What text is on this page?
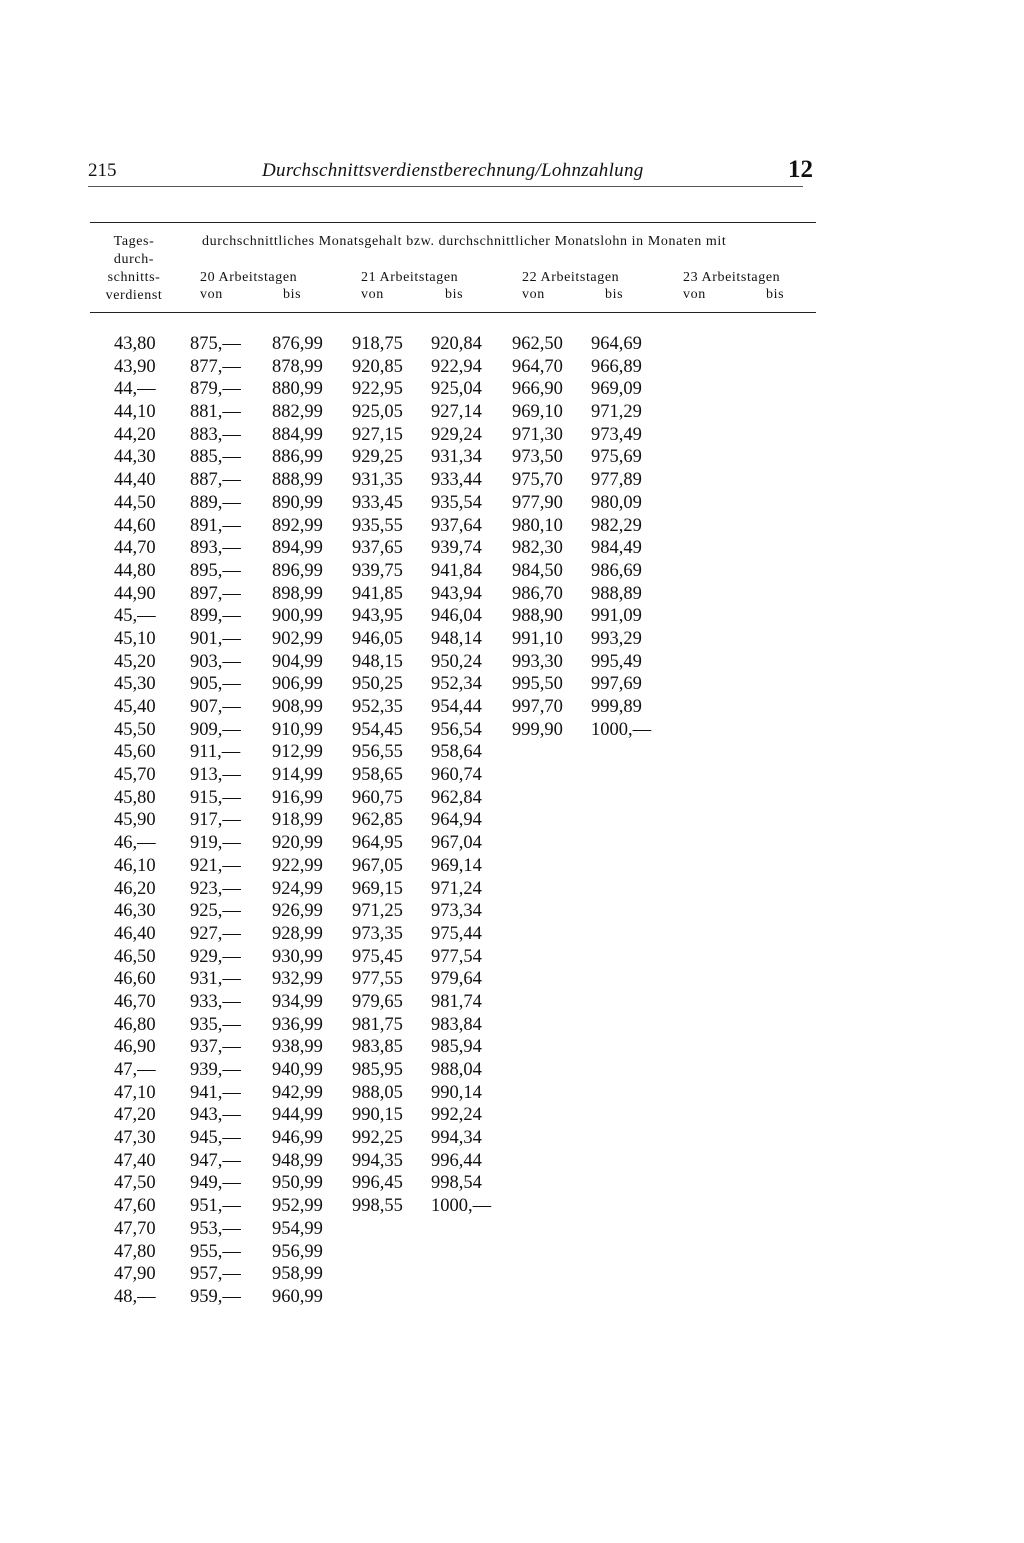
215	Durchschnittsverdienstberechnung/Lohnzahlung	12
Tages-
durch-
schnitts-
verdienst
durchschnittliches Monatsgehalt bzw. durchschnittlicher Monatslohn in Monaten mit
20 Arbeitstagen
von	bis
21 Arbeitstagen
von	bis
22 Arbeitstagen
von	bis
23 Arbeitstagen
von	bis
43,80 875,— 876,99 918,75 920,84 962,50 964,69
43,90 877,— 878,99 920,85 922,94 964,70 966,89
44,— 879,— 880,99 922,95 925,04 966,90 969,09
44,10 881,— 882,99 925,05 927,14 969,10 971,29
44,20 883,— 884,99 927,15 929,24 971,30 973,49
44,30 885,— 886,99 929,25 931,34 973,50 975,69
44,40 887,— 888,99 931,35 933,44 975,70 977,89
44,50 889,— 890,99 933,45 935,54 977,90 980,09
44,60 891,— 892,99 935,55 937,64 980,10 982,29
44,70 893,— 894,99 937,65 939,74 982,30 984,49
44,80 895,— 896,99 939,75 941,84 984,50 986,69
44,90 897,— 898,99 941,85 943,94 986,70 988,89
45,— 899,— 900,99 943,95 946,04 988,90 991,09
45,10 901,— 902,99 946,05 948,14 991,10 993,29
45,20 903,— 904,99 948,15 950,24 993,30 995,49
45,30 905,— 906,99 950,25 952,34 995,50 997,69
45,40 907,— 908,99 952,35 954,44 997,70 999,89
45,50 909,— 910,99 954,45 956,54 999,90 1000,—
45,60 911,— 912,99 956,55 958,64
45,70 913,— 914,99 958,65 960,74
45,80 915,— 916,99 960,75 962,84
45,90 917,— 918,99 962,85 964,94
46,— 919,— 920,99 964,95 967,04
46,10 921,— 922,99 967,05 969,14
46,20 923,— 924,99 969,15 971,24
46,30 925,— 926,99 971,25 973,34
46,40 927,— 928,99 973,35 975,44
46,50 929,— 930,99 975,45 977,54
46,60 931,— 932,99 977,55 979,64
46,70 933,— 934,99 979,65 981,74
46,80 935,— 936,99 981,75 983,84
46,90 937,— 938,99 983,85 985,94
47,— 939,— 940,99 985,95 988,04
47,10 941,— 942,99 988,05 990,14
47,20 943,— 944,99 990,15 992,24
47,30 945,— 946,99 992,25 994,34
47,40 947,— 948,99 994,35 996,44
47,50 949,— 950,99 996,45 998,54
47,60 951,— 952,99 998,55 1000,—
47,70 953,— 954,99
47,80 955,— 956,99
47,90 957,— 958,99
48,— 959,— 960,99
